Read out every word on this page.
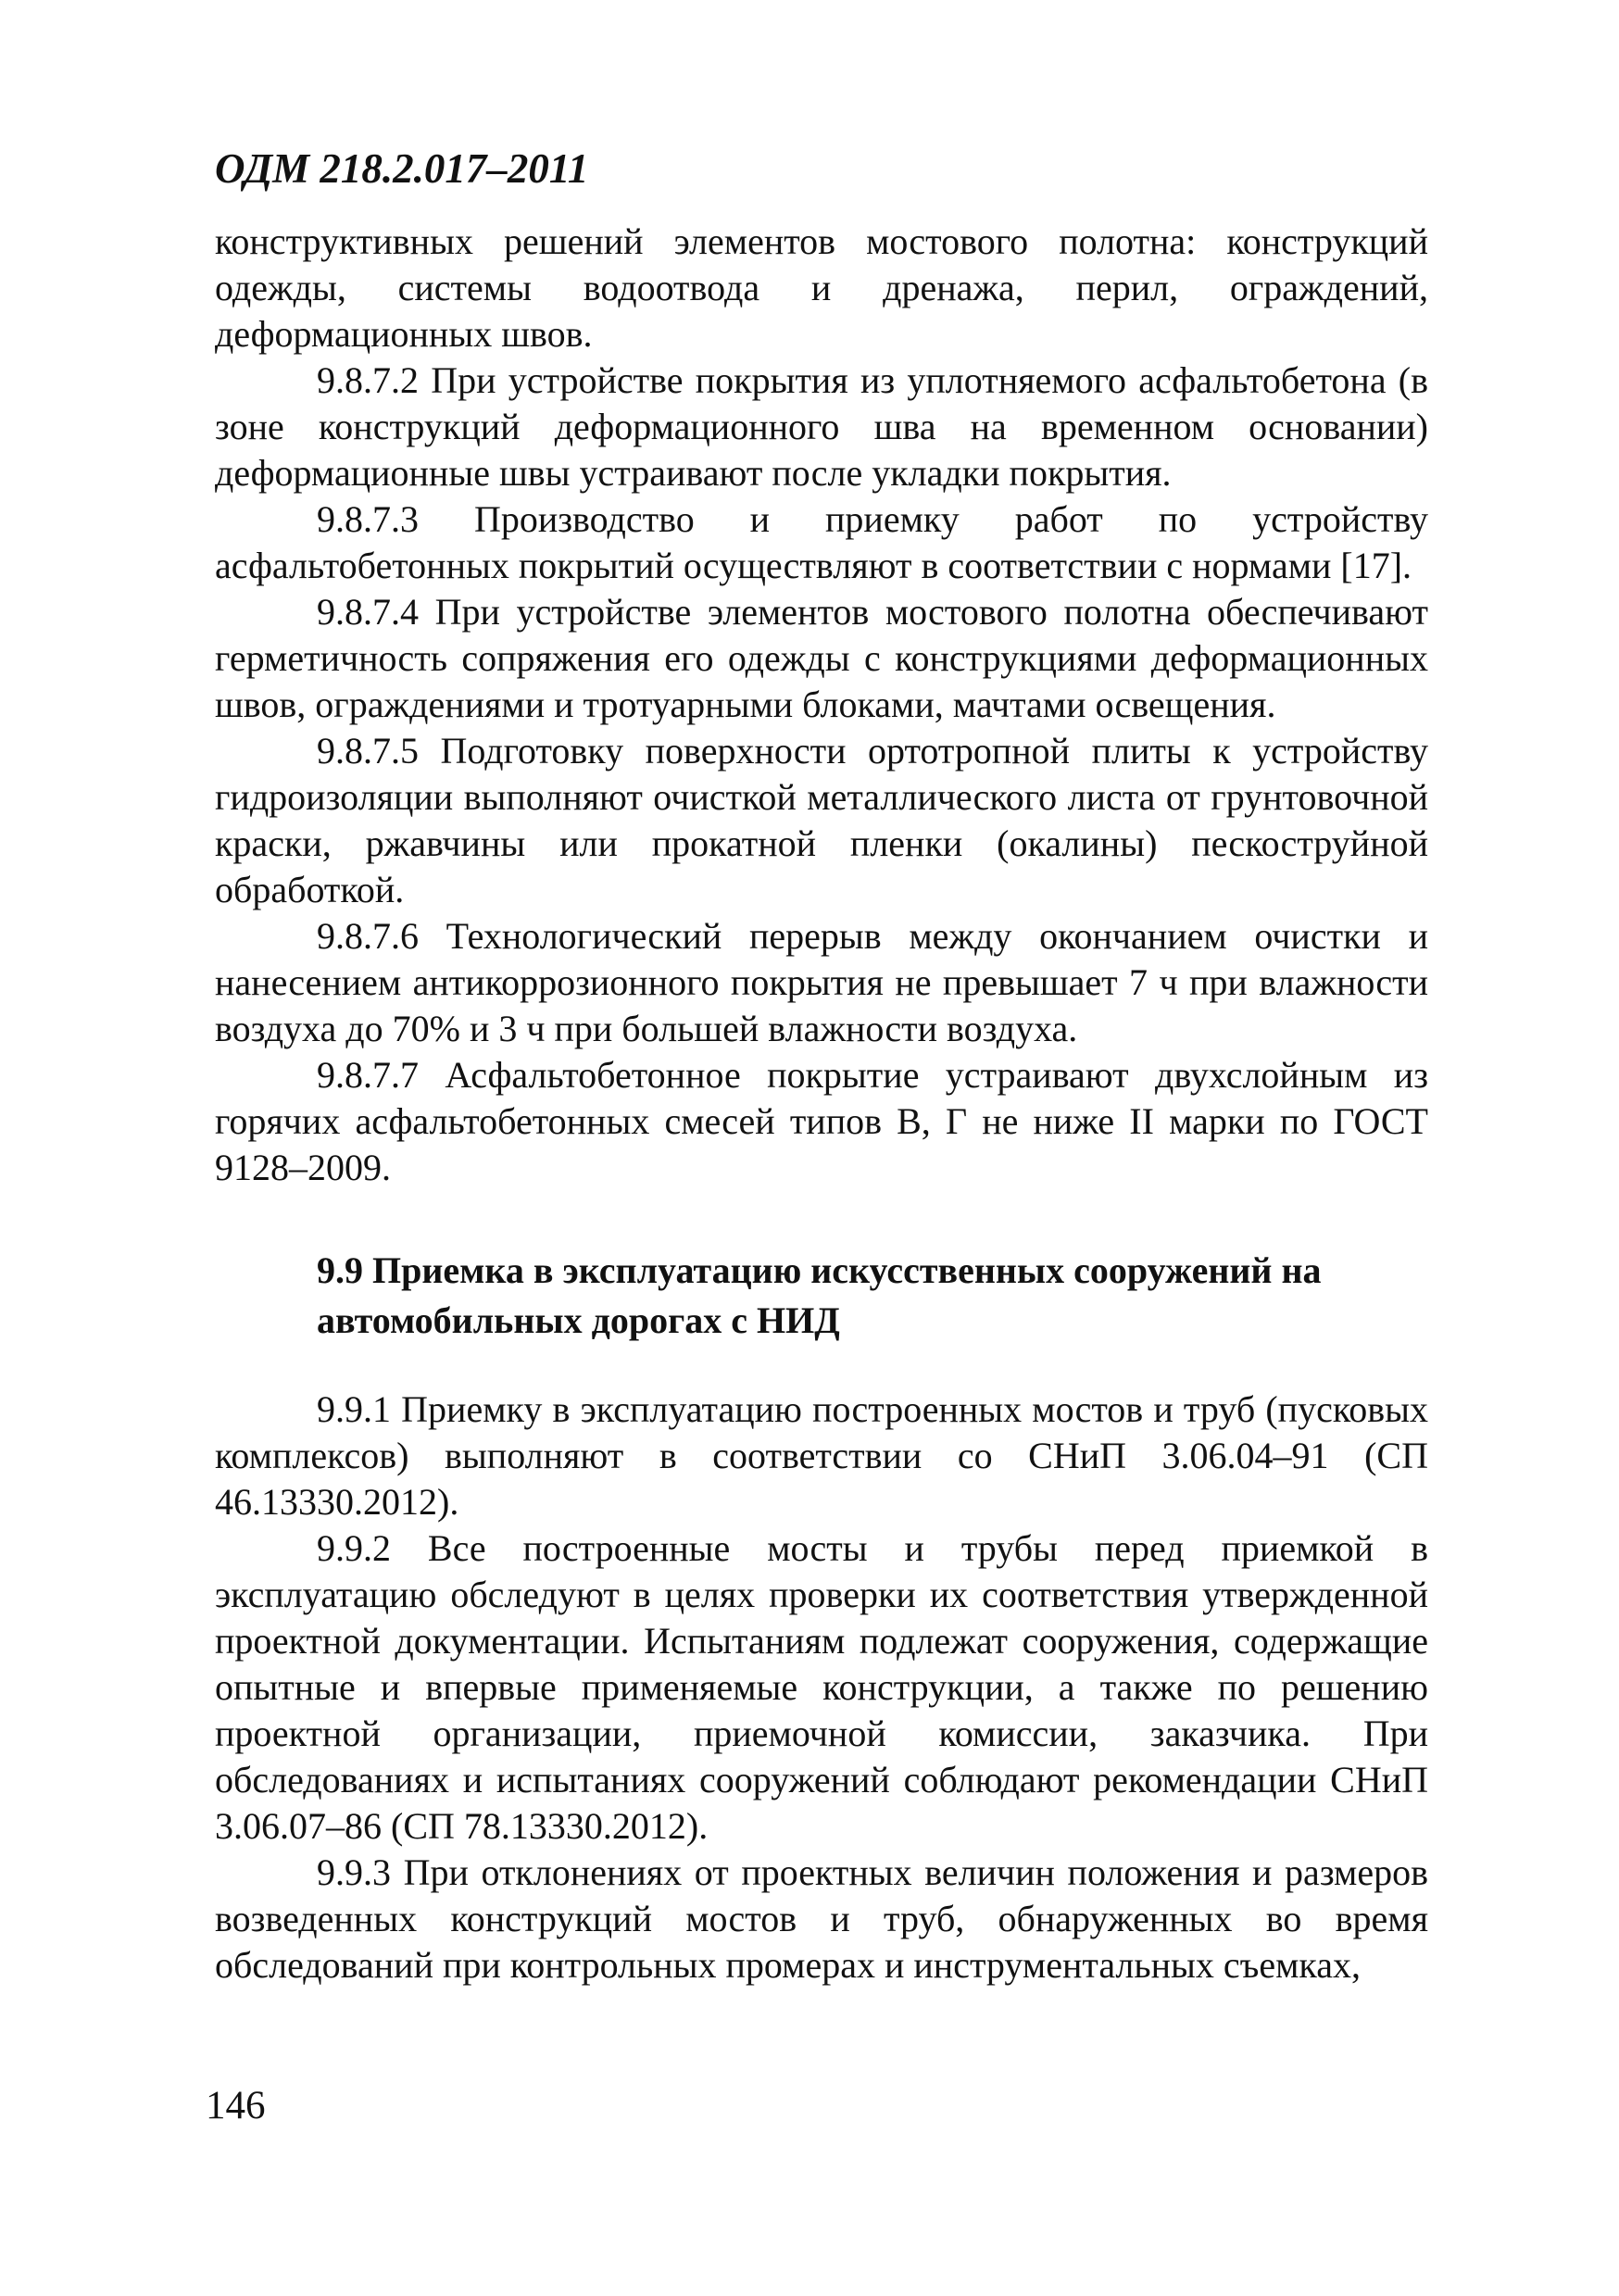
ОДМ 218.2.017–2011

конструктивных решений элементов мостового полотна: конструкций одежды, системы водоотвода и дренажа, перил, ограждений, деформационных швов.

9.8.7.2 При устройстве покрытия из уплотняемого асфальтобетона (в зоне конструкций деформационного шва на временном основании) деформационные швы устраивают после укладки покрытия.

9.8.7.3 Производство и приемку работ по устройству асфальтобетонных покрытий осуществляют в соответствии с нормами [17].

9.8.7.4 При устройстве элементов мостового полотна обеспечивают герметичность сопряжения его одежды с конструкциями деформационных швов, ограждениями и тротуарными блоками, мачтами освещения.

9.8.7.5 Подготовку поверхности ортотропной плиты к устройству гидроизоляции выполняют очисткой металлического листа от грунтовочной краски, ржавчины или прокатной пленки (окалины) пескоструйной обработкой.

9.8.7.6 Технологический перерыв между окончанием очистки и нанесением антикоррозионного покрытия не превышает 7 ч при влажности воздуха до 70% и 3 ч при большей влажности воздуха.

9.8.7.7 Асфальтобетонное покрытие устраивают двухслойным из горячих асфальтобетонных смесей типов В, Г не ниже II марки по ГОСТ 9128–2009.

9.9 Приемка в эксплуатацию искусственных сооружений на автомобильных дорогах с НИД

9.9.1 Приемку в эксплуатацию построенных мостов и труб (пусковых комплексов) выполняют в соответствии со СНиП 3.06.04–91 (СП 46.13330.2012).

9.9.2 Все построенные мосты и трубы перед приемкой в эксплуатацию обследуют в целях проверки их соответствия утвержденной проектной документации. Испытаниям подлежат сооружения, содержащие опытные и впервые применяемые конструкции, а также по решению проектной организации, приемочной комиссии, заказчика. При обследованиях и испытаниях сооружений соблюдают рекомендации СНиП 3.06.07–86 (СП 78.13330.2012).

9.9.3 При отклонениях от проектных величин положения и размеров возведенных конструкций мостов и труб, обнаруженных во время обследований при контрольных промерах и инструментальных съемках,

146
